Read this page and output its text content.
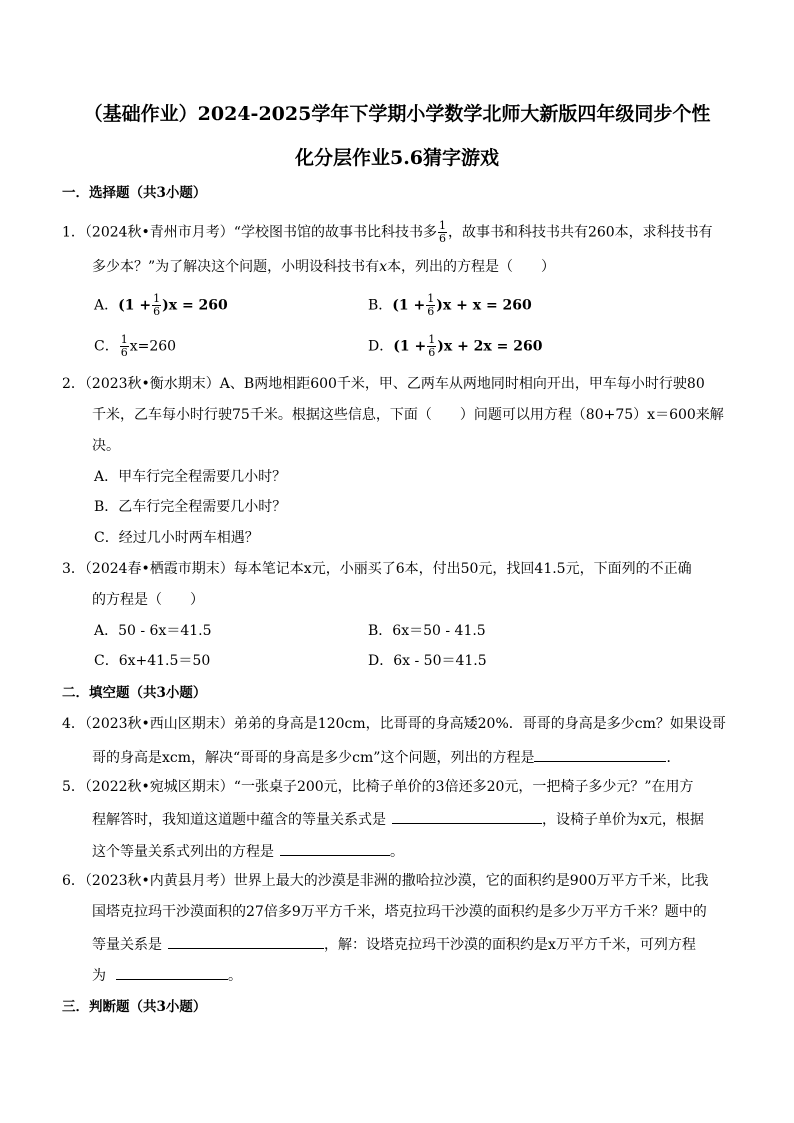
（基础作业）2024-2025学年下学期小学数学北师大新版四年级同步个性
化分层作业5.6猜字游戏
一．选择题（共3小题）
1．（2024秋•青州市月考）“学校图书馆的故事书比科技书多 $\frac{1}{6}$ ，故事书和科技书共有260本，求科技书有
多少本？”为了解决这个问题，小明设科技书有x本，列出的方程是（　　）
A．$(1 + \frac{1}{6} )x = 260$	B．$(1 + \frac{1}{6} )x + x = 260$
C． $\frac{1}{6} x=260$	D．$(1 + \frac{1}{6} )x + 2x = 260$
2．（2023秋•衡水期末）A、B两地相距600千米，甲、乙两车从两地同时相向开出，甲车每小时行驶80
千米，乙车每小时行驶75千米。根据这些信息，下面（　　）问题可以用方程（80+75）x＝600来解
决。
A．甲车行完全程需要几小时？
B．乙车行完全程需要几小时？
C．经过几小时两车相遇？
3．（2024春•栖霞市期末）每本笔记本x元，小丽买了6本，付出50元，找回41.5元，下面列的不正确
的方程是（　　）
A．50 - 6x＝41.5	B．6x＝50 - 41.5
C．6x+41.5＝50	D．6x - 50＝41.5
二．填空题（共3小题）
4．（2023秋•西山区期末）弟弟的身高是120cm，比哥哥的身高矮20%．哥哥的身高是多少cm？如果设哥
哥的身高是xcm，解决“哥哥的身高是多少cm”这个问题，列出的方程是	．
5．（2022秋•宛城区期末）“一张桌子200元，比椅子单价的3倍还多20元，一把椅子多少元？”在用方
程解答时，我知道这道题中蕴含的等量关系式是	，设椅子单价为x元，根据
这个等量关系式列出的方程是	。
6．（2023秋•内黄县月考）世界上最大的沙漠是非洲的撒哈拉沙漠，它的面积约是900万平方千米，比我
国塔克拉玛干沙漠面积的27倍多9万平方千米，塔克拉玛干沙漠的面积约是多少万平方千米？题中的
等量关系是	，解：设塔克拉玛干沙漠的面积约是x万平方千米，可列方程
为	。
三．判断题（共3小题）
